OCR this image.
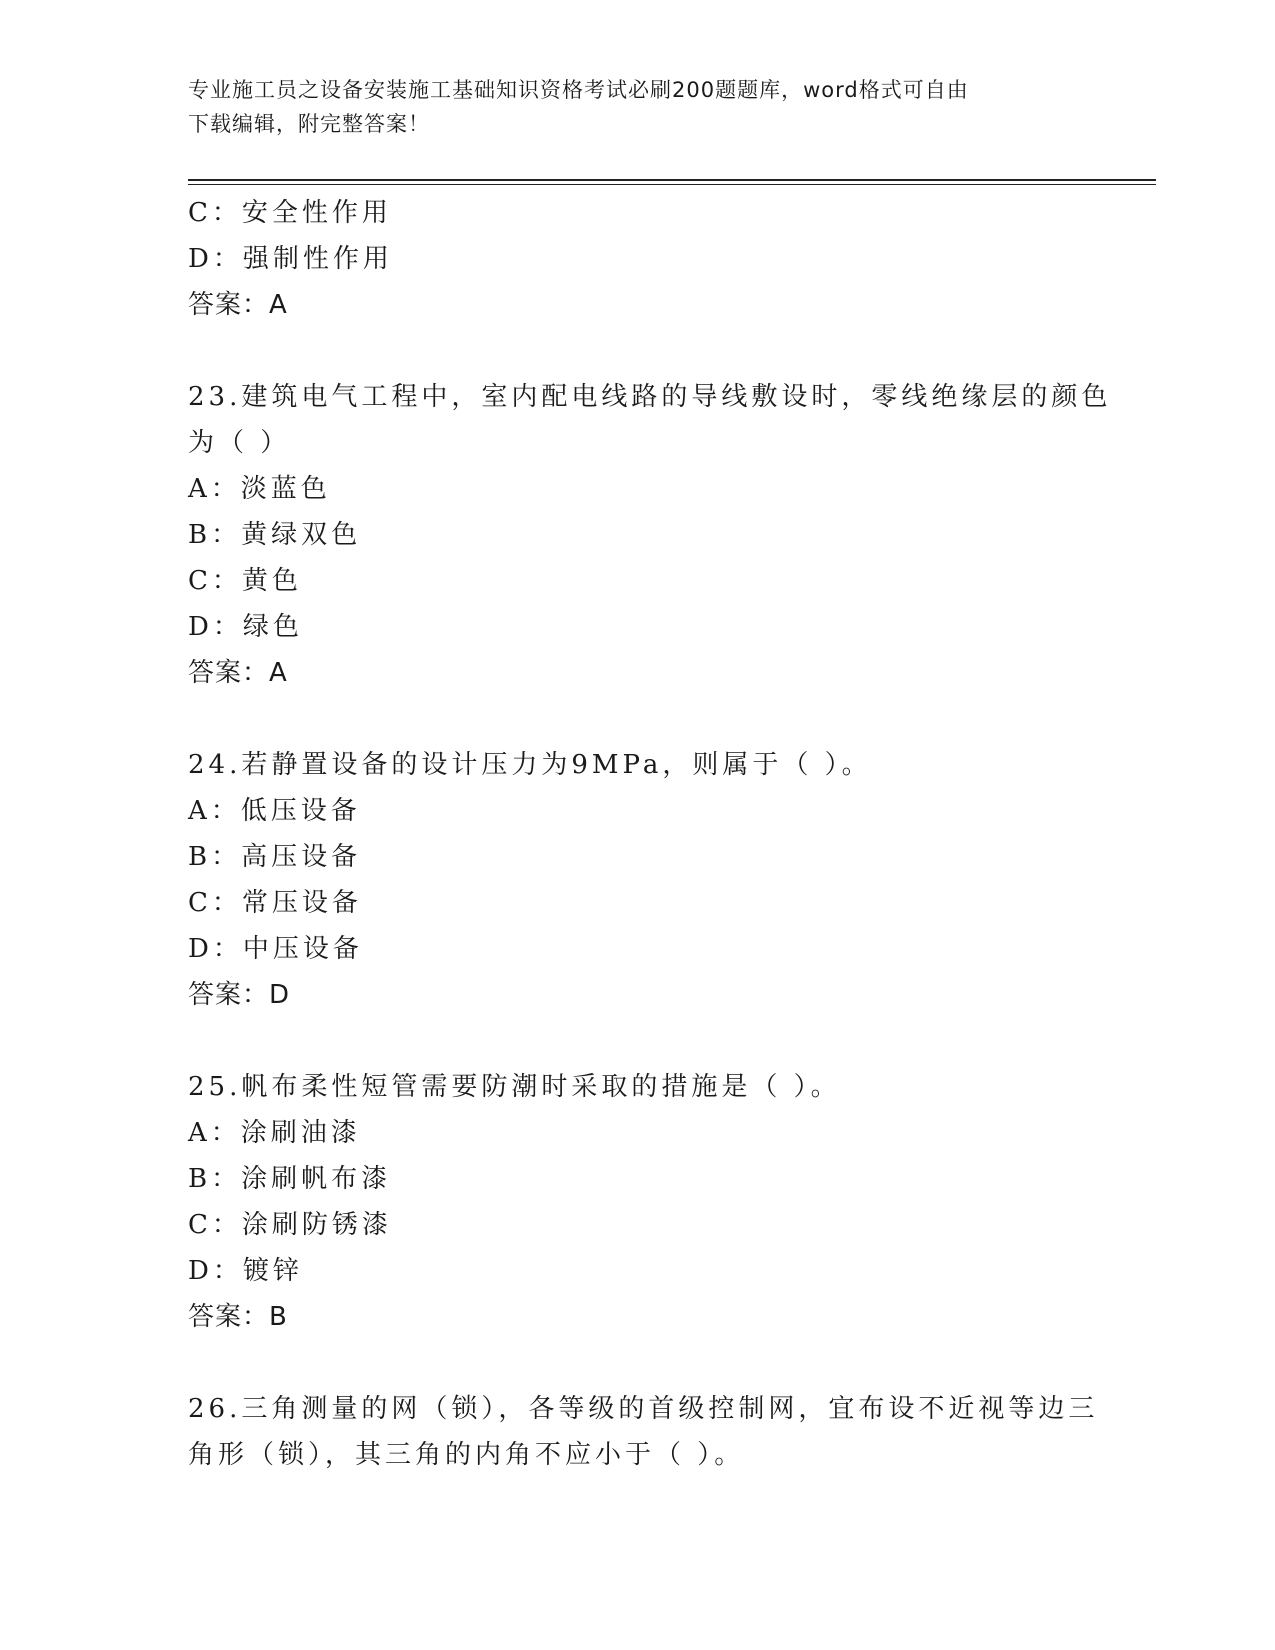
专业施工员之设备安装施工基础知识资格考试必刷200题题库，word格式可自由
下载编辑，附完整答案！
C：安全性作用
D：强制性作用
答案：A
23.建筑电气工程中，室内配电线路的导线敷设时，零线绝缘层的颜色
为（ ）
A：淡蓝色
B：黄绿双色
C：黄色
D：绿色
答案：A
24.若静置设备的设计压力为9MPa，则属于（ ）。
A：低压设备
B：高压设备
C：常压设备
D：中压设备
答案：D
25.帆布柔性短管需要防潮时采取的措施是（ ）。
A：涂刷油漆
B：涂刷帆布漆
C：涂刷防锈漆
D：镀锌
答案：B
26.三角测量的网（锁），各等级的首级控制网，宜布设不近视等边三
角形（锁），其三角的内角不应小于（ ）。
